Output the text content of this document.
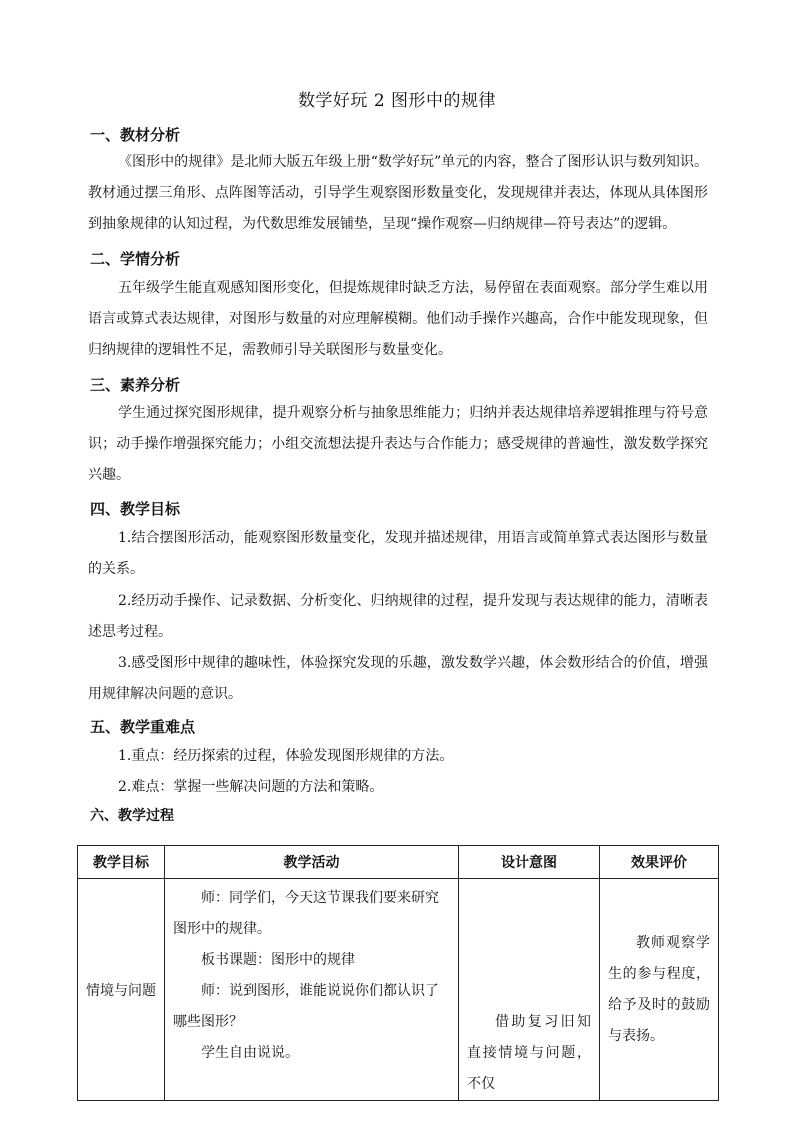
数学好玩 2 图形中的规律
一、教材分析
《图形中的规律》是北师大版五年级上册“数学好玩”单元的内容，整合了图形认识与数列知识。教材通过摆三角形、点阵图等活动，引导学生观察图形数量变化，发现规律并表达，体现从具体图形到抽象规律的认知过程，为代数思维发展铺垫，呈现“操作观察—归纳规律—符号表达”的逻辑。
二、学情分析
五年级学生能直观感知图形变化，但提炼规律时缺乏方法，易停留在表面观察。部分学生难以用语言或算式表达规律，对图形与数量的对应理解模糊。他们动手操作兴趣高，合作中能发现现象，但归纳规律的逻辑性不足，需教师引导关联图形与数量变化。
三、素养分析
学生通过探究图形规律，提升观察分析与抽象思维能力；归纳并表达规律培养逻辑推理与符号意识；动手操作增强探究能力；小组交流想法提升表达与合作能力；感受规律的普遍性，激发数学探究兴趣。
四、教学目标
1.结合摆图形活动，能观察图形数量变化，发现并描述规律，用语言或简单算式表达图形与数量的关系。
2.经历动手操作、记录数据、分析变化、归纳规律的过程，提升发现与表达规律的能力，清晰表述思考过程。
3.感受图形中规律的趣味性，体验探究发现的乐趣，激发数学兴趣，体会数形结合的价值，增强用规律解决问题的意识。
五、教学重难点
1.重点：经历探索的过程，体验发现图形规律的方法。
2.难点：掌握一些解决问题的方法和策略。
六、教学过程
教学目标	教学活动	设计意图	效果评价
情境与问题	师：同学们，今天这节课我们要来研究图形中的规律。

板书课题：图形中的规律

师：说到图形，谁能说说你们都认识了哪些图形？

学生自由说说。	借助复习旧知直接情境与问题，不仅	教师观察学生的参与程度，给予及时的鼓励与表扬。
